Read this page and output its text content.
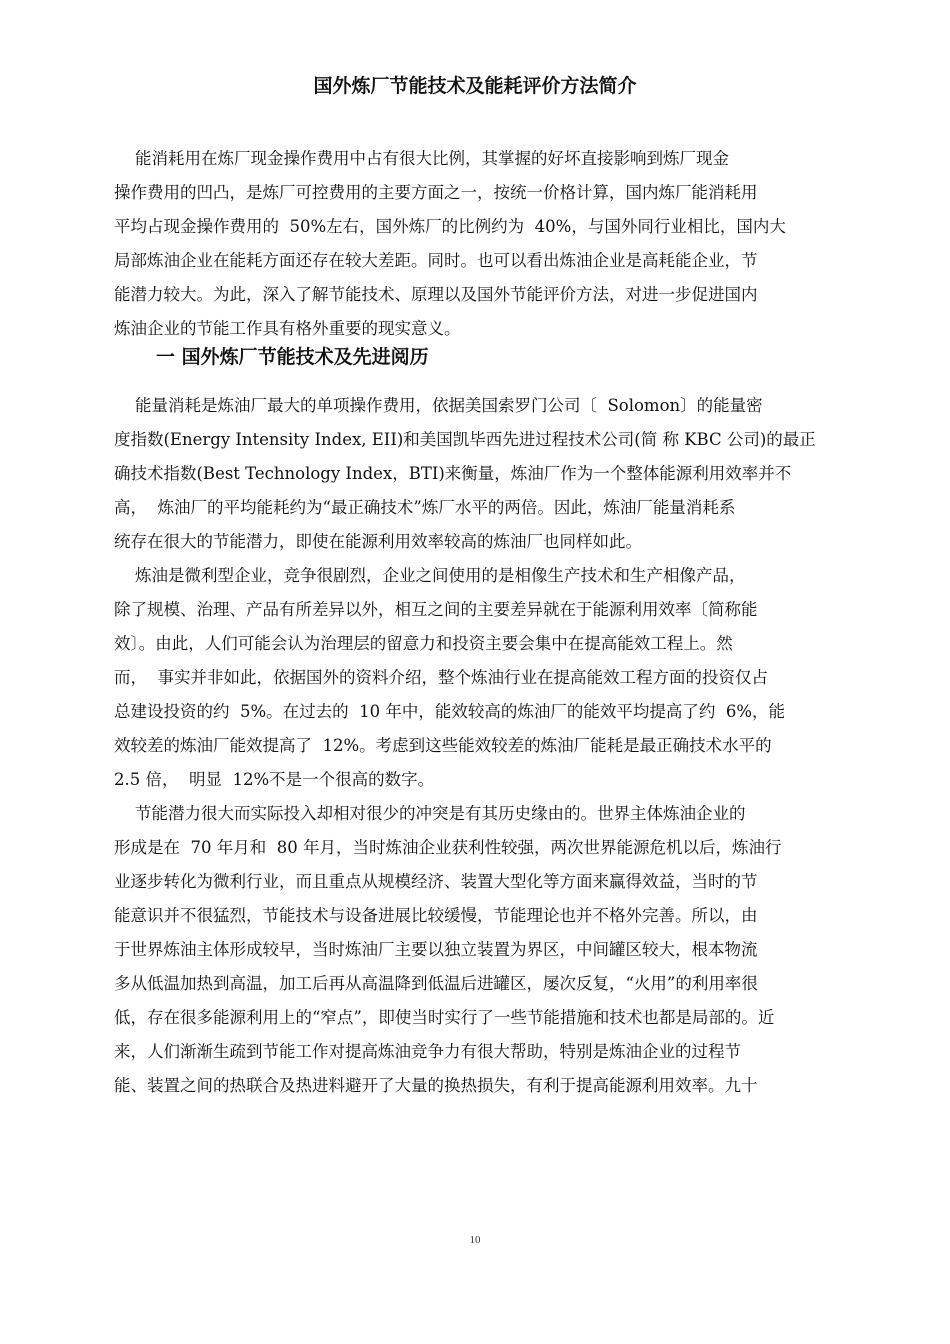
国外炼厂节能技术及能耗评价方法简介
能消耗用在炼厂现金操作费用中占有很大比例，其掌握的好坏直接影响到炼厂现金
操作费用的凹凸，是炼厂可控费用的主要方面之一，按统一价格计算，国内炼厂能消耗用
平均占现金操作费用的  50%左右，国外炼厂的比例约为  40%，与国外同行业相比，国内大
局部炼油企业在能耗方面还存在较大差距。同时。也可以看出炼油企业是高耗能企业，节
能潜力较大。为此，深入了解节能技术、原理以及国外节能评价方法，对进一步促进国内
炼油企业的节能工作具有格外重要的现实意义。
一 国外炼厂节能技术及先进阅历
能量消耗是炼油厂最大的单项操作费用，依据美国索罗门公司〔  Solomon〕的能量密
度指数(Energy Intensity Index, EII)和美国凯毕西先进过程技术公司(简 称 KBC 公司)的最正
确技术指数(Best Technology Index，BTI)来衡量，炼油厂作为一个整体能源利用效率并不
高，  炼油厂的平均能耗约为“最正确技术”炼厂水平的两倍。因此，炼油厂能量消耗系
统存在很大的节能潜力，即使在能源利用效率较高的炼油厂也同样如此。
炼油是微利型企业，竞争很剧烈，企业之间使用的是相像生产技术和生产相像产品，
除了规模、治理、产品有所差异以外，相互之间的主要差异就在于能源利用效率〔简称能
效〕。由此，人们可能会认为治理层的留意力和投资主要会集中在提高能效工程上。然
而，  事实并非如此，依据国外的资料介绍，整个炼油行业在提高能效工程方面的投资仅占
总建设投资的约  5%。在过去的  10 年中，能效较高的炼油厂的能效平均提高了约  6%，能
效较差的炼油厂能效提高了  12%。考虑到这些能效较差的炼油厂能耗是最正确技术水平的
2.5 倍，  明显  12%不是一个很高的数字。
节能潜力很大而实际投入却相对很少的冲突是有其历史缘由的。世界主体炼油企业的
形成是在  70 年月和  80 年月，当时炼油企业获利性较强，两次世界能源危机以后，炼油行
业逐步转化为微利行业，而且重点从规模经济、装置大型化等方面来赢得效益，当时的节
能意识并不很猛烈，节能技术与设备进展比较缓慢，节能理论也并不格外完善。所以，由
于世界炼油主体形成较早，当时炼油厂主要以独立装置为界区，中间罐区较大，根本物流
多从低温加热到高温，加工后再从高温降到低温后进罐区，屡次反复，“火用”的利用率很
低，存在很多能源利用上的“窄点”，即使当时实行了一些节能措施和技术也都是局部的。近
来，人们渐渐生疏到节能工作对提高炼油竞争力有很大帮助，特别是炼油企业的过程节
能、装置之间的热联合及热进料避开了大量的换热损失，有利于提高能源利用效率。九十
10
